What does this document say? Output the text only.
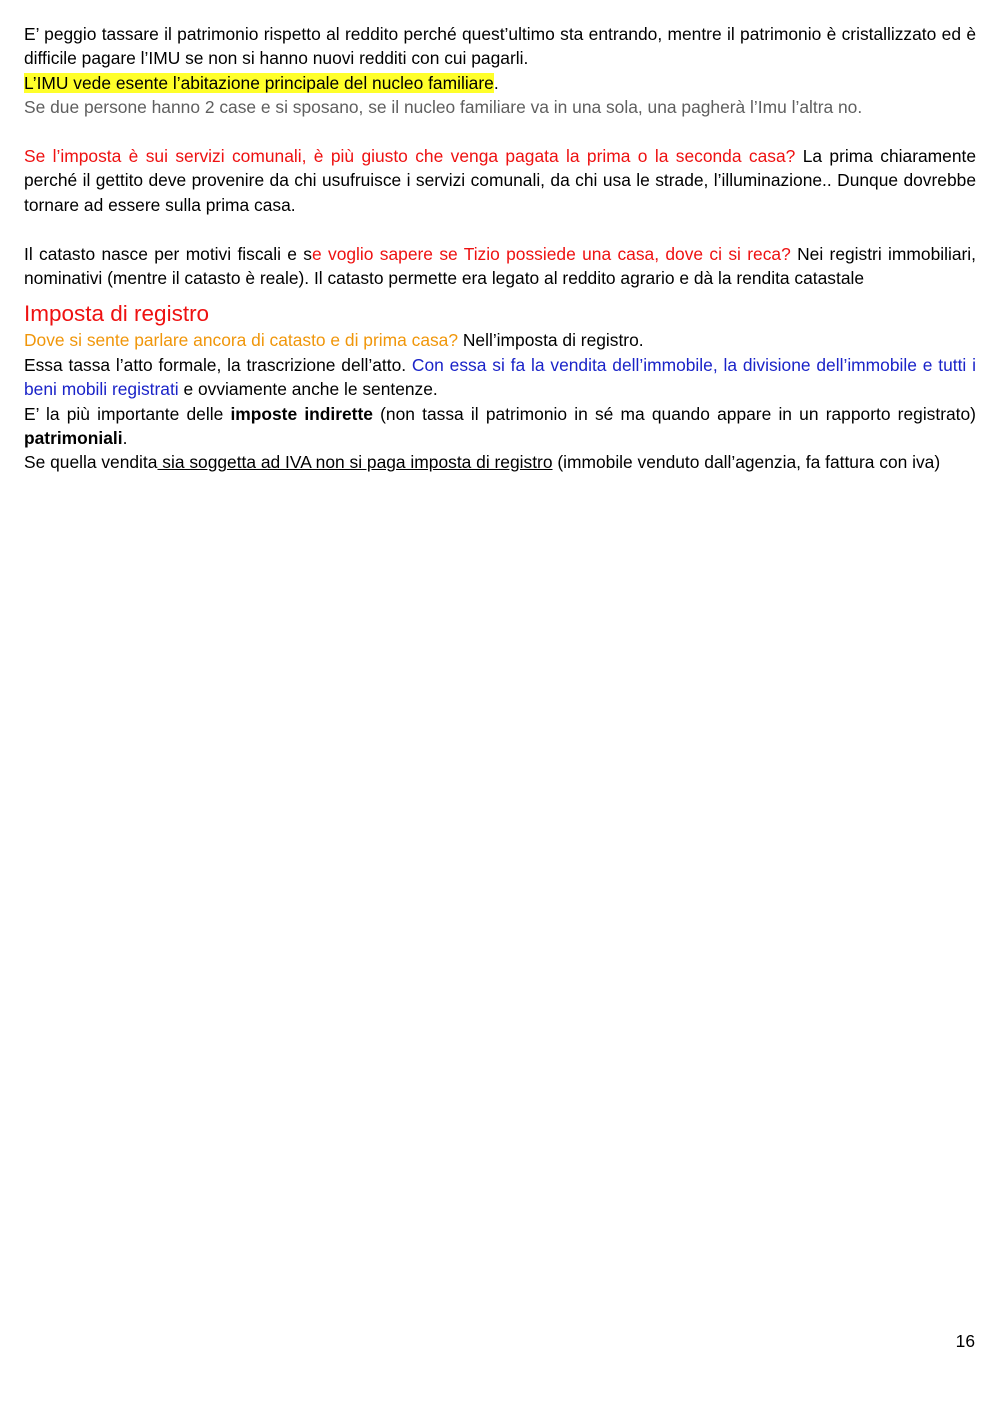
E’ peggio tassare il patrimonio rispetto al reddito perché quest’ultimo sta entrando, mentre il patrimonio è cristallizzato ed è difficile pagare l’IMU se non si hanno nuovi redditi con cui pagarli.

L’IMU vede esente l’abitazione principale del nucleo familiare.

Se due persone hanno 2 case e si sposano, se il nucleo familiare va in una sola, una pagherà l’Imu l’altra no.

Se l’imposta è sui servizi comunali, è più giusto che venga pagata la prima o la seconda casa? La prima chiaramente perché il gettito deve provenire da chi usufruisce i servizi comunali, da chi usa le strade, l’illuminazione.. Dunque dovrebbe tornare ad essere sulla prima casa.

Il catasto nasce per motivi fiscali e se voglio sapere se Tizio possiede una casa, dove ci si reca? Nei registri immobiliari, nominativi (mentre il catasto è reale). Il catasto permette era legato al reddito agrario e dà la rendita catastale

Imposta di registro

Dove si sente parlare ancora di catasto e di prima casa? Nell’imposta di registro.

Essa tassa l’atto formale, la trascrizione dell’atto. Con essa si fa la vendita dell’immobile, la divisione dell’immobile e tutti i beni mobili registrati e ovviamente anche le sentenze.

E’ la più importante delle imposte indirette (non tassa il patrimonio in sé ma quando appare in un rapporto registrato) patrimoniali.

Se quella vendita sia soggetta ad IVA non si paga imposta di registro (immobile venduto dall’agenzia, fa fattura con iva)

16
